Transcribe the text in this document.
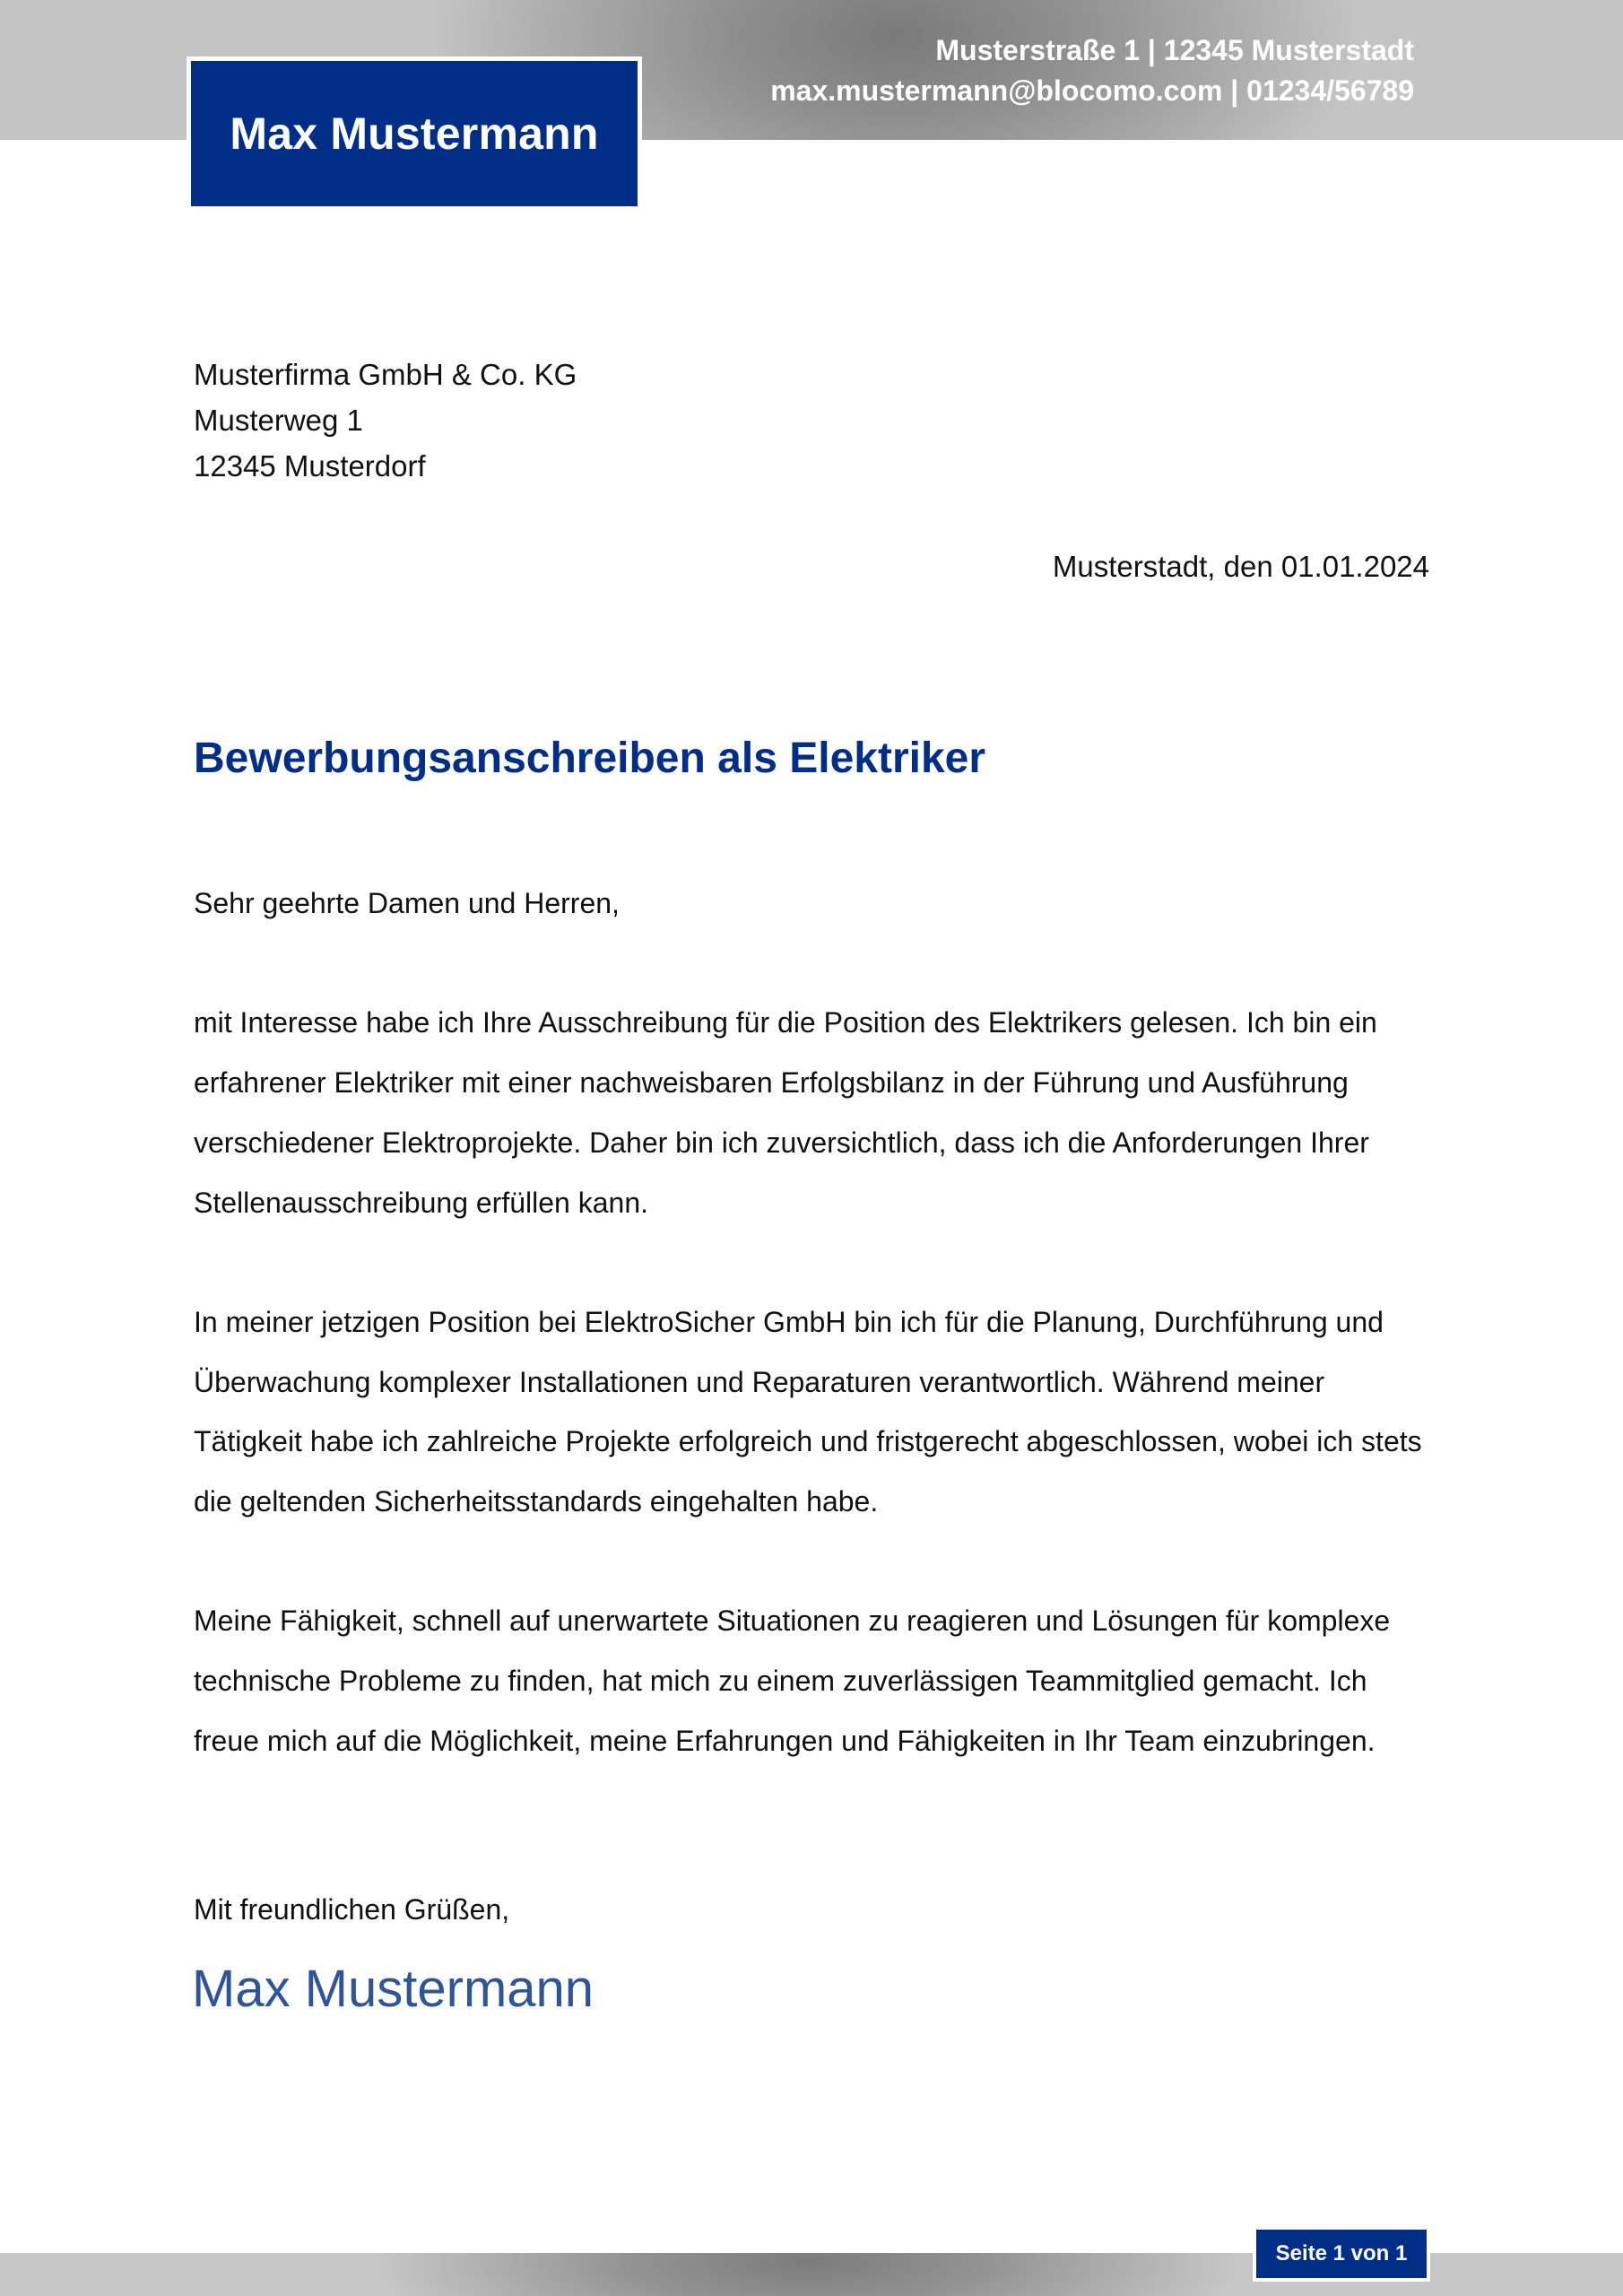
Max Mustermann
Musterstraße 1 | 12345 Musterstadt
max.mustermann@blocomo.com | 01234/56789
Musterfirma GmbH & Co. KG
Musterweg 1
12345 Musterdorf
Musterstadt, den 01.01.2024
Bewerbungsanschreiben als Elektriker

Sehr geehrte Damen und Herren,

mit Interesse habe ich Ihre Ausschreibung für die Position des Elektrikers gelesen. Ich bin ein erfahrener Elektriker mit einer nachweisbaren Erfolgsbilanz in der Führung und Ausführung verschiedener Elektroprojekte. Daher bin ich zuversichtlich, dass ich die Anforderungen Ihrer Stellenausschreibung erfüllen kann.

In meiner jetzigen Position bei ElektroSicher GmbH bin ich für die Planung, Durchführung und Überwachung komplexer Installationen und Reparaturen verantwortlich. Während meiner Tätigkeit habe ich zahlreiche Projekte erfolgreich und fristgerecht abgeschlossen, wobei ich stets die geltenden Sicherheitsstandards eingehalten habe.

Meine Fähigkeit, schnell auf unerwartete Situationen zu reagieren und Lösungen für komplexe technische Probleme zu finden, hat mich zu einem zuverlässigen Teammitglied gemacht. Ich freue mich auf die Möglichkeit, meine Erfahrungen und Fähigkeiten in Ihr Team einzubringen.

Mit freundlichen Grüßen,
Max Mustermann
Seite 1 von 1
